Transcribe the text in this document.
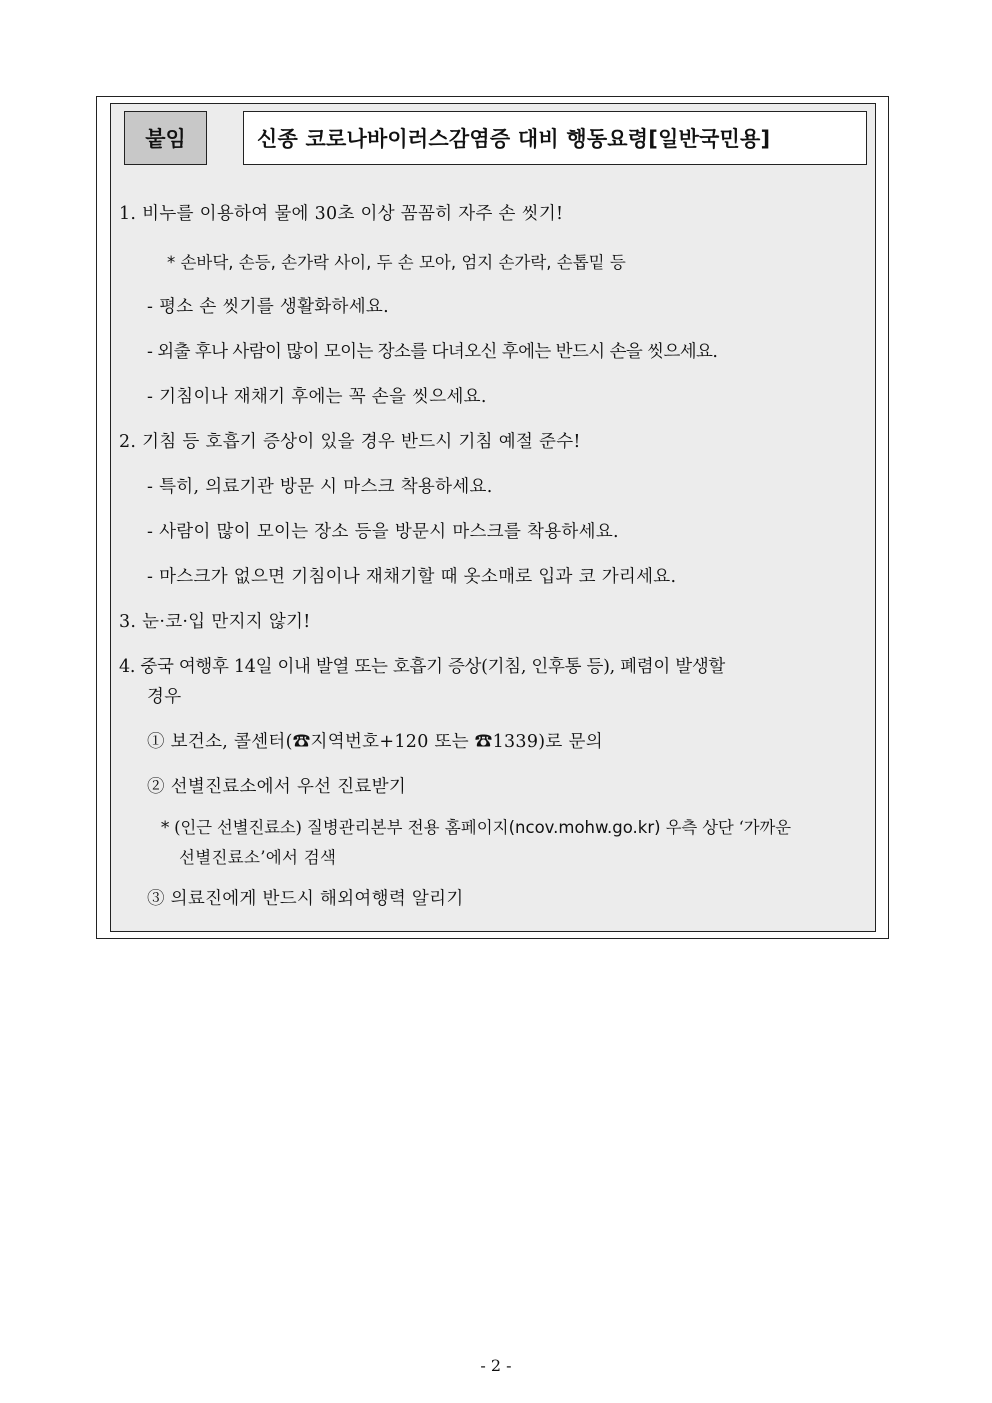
붙임	신종 코로나바이러스감염증 대비 행동요령[일반국민용]
1. 비누를 이용하여 물에 30초 이상 꼼꼼히 자주 손 씻기!
* 손바닥, 손등, 손가락 사이, 두 손 모아, 엄지 손가락, 손톱밑 등
- 평소 손 씻기를 생활화하세요.
- 외출 후나 사람이 많이 모이는 장소를 다녀오신 후에는 반드시 손을 씻으세요.
- 기침이나 재채기 후에는 꼭 손을 씻으세요.
2. 기침 등 호흡기 증상이 있을 경우 반드시 기침 예절 준수!
- 특히, 의료기관 방문 시 마스크 착용하세요.
- 사람이 많이 모이는 장소 등을 방문시 마스크를 착용하세요.
- 마스크가 없으면 기침이나 재채기할 때 옷소매로 입과 코 가리세요.
3. 눈·코·입 만지지 않기!
4. 중국 여행후 14일 이내 발열 또는 호흡기 증상(기침, 인후통 등), 폐렴이 발생할
경우
① 보건소, 콜센터(☎지역번호+120 또는 ☎1339)로 문의
② 선별진료소에서 우선 진료받기
* (인근 선별진료소) 질병관리본부 전용 홈페이지(ncov.mohw.go.kr) 우측 상단 ‘가까운
선별진료소’에서 검색
③ 의료진에게 반드시 해외여행력 알리기
- 2 -
